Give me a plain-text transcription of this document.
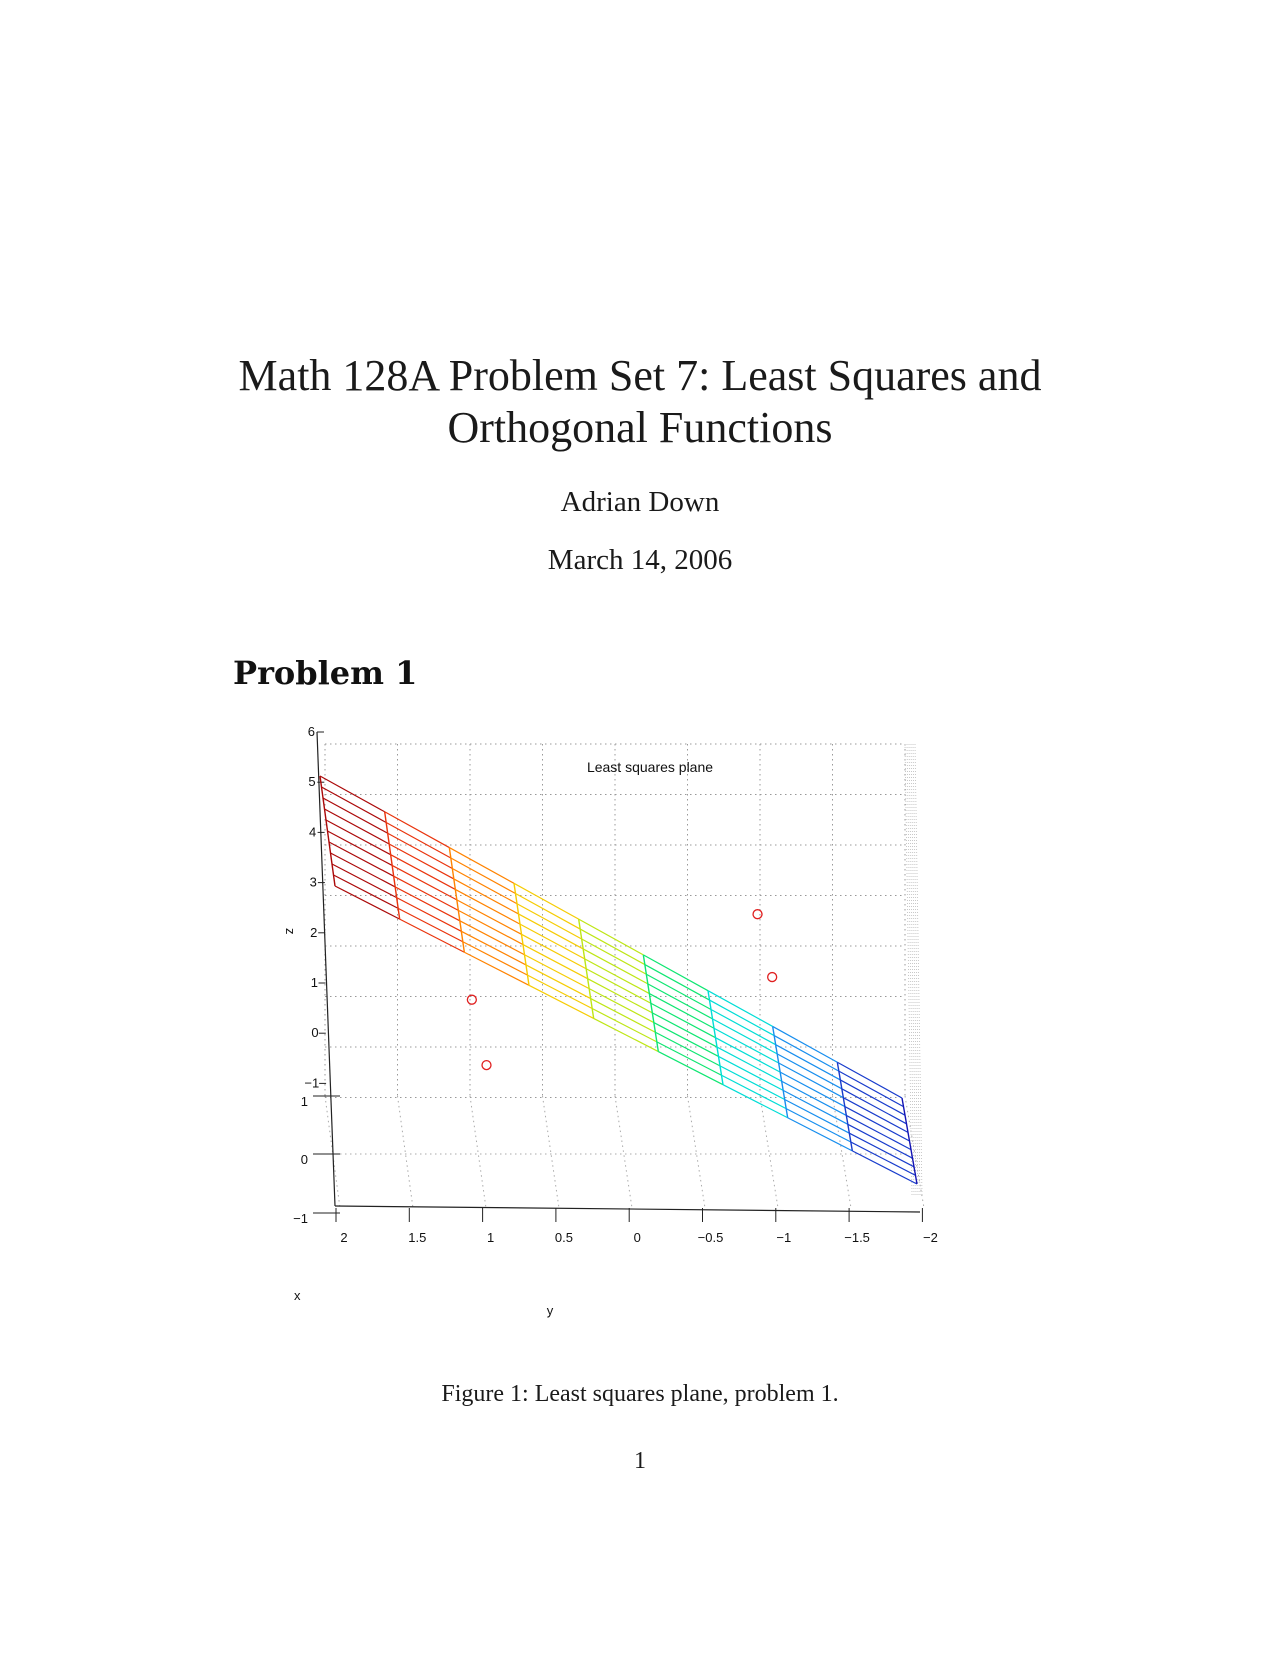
Math 128A Problem Set 7: Least Squares and
Orthogonal Functions
Adrian Down
March 14, 2006
Problem 1
6
5
4
3
2
1
0
−1
1
0
−1
2	1.5	1	0.5	0	−0.5	−1	−1.5	−2
Least squares plane
x
y
z
Figure 1: Least squares plane, problem 1.
1
